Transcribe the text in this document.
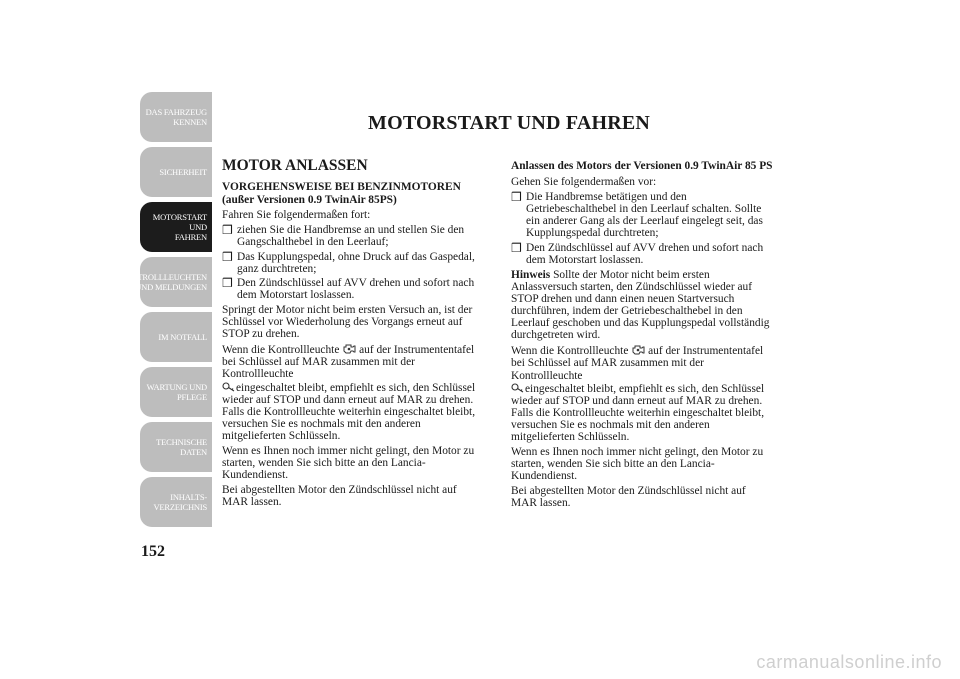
DAS FAHRZEUG
KENNEN
SICHERHEIT
MOTORSTART UND
FAHREN
KONTROLLLEUCHTEN
UND MELDUNGEN
IM NOTFALL
WARTUNG UND
PFLEGE
TECHNISCHE
DATEN
INHALTS-
VERZEICHNIS
152
MOTORSTART UND FAHREN
MOTOR ANLASSEN
VORGEHENSWEISE BEI BENZINMOTOREN
(außer Versionen 0.9 TwinAir 85PS)

Fahren Sie folgendermaßen fort:

❒ ziehen Sie die Handbremse an und stellen Sie den Gangschalthebel in den Leerlauf;
❒ Das Kupplungspedal, ohne Druck auf das Gaspedal, ganz durchtreten;
❒ Den Zündschlüssel auf AVV drehen und sofort nach dem Motorstart loslassen.

Springt der Motor nicht beim ersten Versuch an, ist der Schlüssel vor Wiederholung des Vorgangs erneut auf STOP zu drehen.

Wenn die Kontrollleuchte  auf der Instrumententafel bei Schlüssel auf MAR zusammen mit der Kontrollleuchte
eingeschaltet bleibt, empfiehlt es sich, den Schlüssel wieder auf STOP und dann erneut auf MAR zu drehen. Falls die Kontrollleuchte weiterhin eingeschaltet bleibt, versuchen Sie es nochmals mit den anderen mitgelieferten Schlüsseln.

Wenn es Ihnen noch immer nicht gelingt, den Motor zu starten, wenden Sie sich bitte an den Lancia-Kundendienst.

Bei abgestellten Motor den Zündschlüssel nicht auf MAR lassen.

Anlassen des Motors der Versionen 0.9 TwinAir 85 PS

Gehen Sie folgendermaßen vor:

❒ Die Handbremse betätigen und den Getriebeschalthebel in den Leerlauf schalten. Sollte ein anderer Gang als der Leerlauf eingelegt seit, das Kupplungspedal durchtreten;
❒ Den Zündschlüssel auf AVV drehen und sofort nach dem Motorstart loslassen.

Hinweis Sollte der Motor nicht beim ersten Anlassversuch starten, den Zündschlüssel wieder auf STOP drehen und dann einen neuen Startversuch durchführen, indem der Getriebeschalthebel in den Leerlauf geschoben und das Kupplungspedal vollständig durchgetreten wird.

Wenn die Kontrollleuchte  auf der Instrumententafel bei Schlüssel auf MAR zusammen mit der Kontrollleuchte
eingeschaltet bleibt, empfiehlt es sich, den Schlüssel wieder auf STOP und dann erneut auf MAR zu drehen. Falls die Kontrollleuchte weiterhin eingeschaltet bleibt, versuchen Sie es nochmals mit den anderen mitgelieferten Schlüsseln.

Wenn es Ihnen noch immer nicht gelingt, den Motor zu starten, wenden Sie sich bitte an den Lancia-Kundendienst.

Bei abgestellten Motor den Zündschlüssel nicht auf MAR lassen.

carmanualsonline.info
